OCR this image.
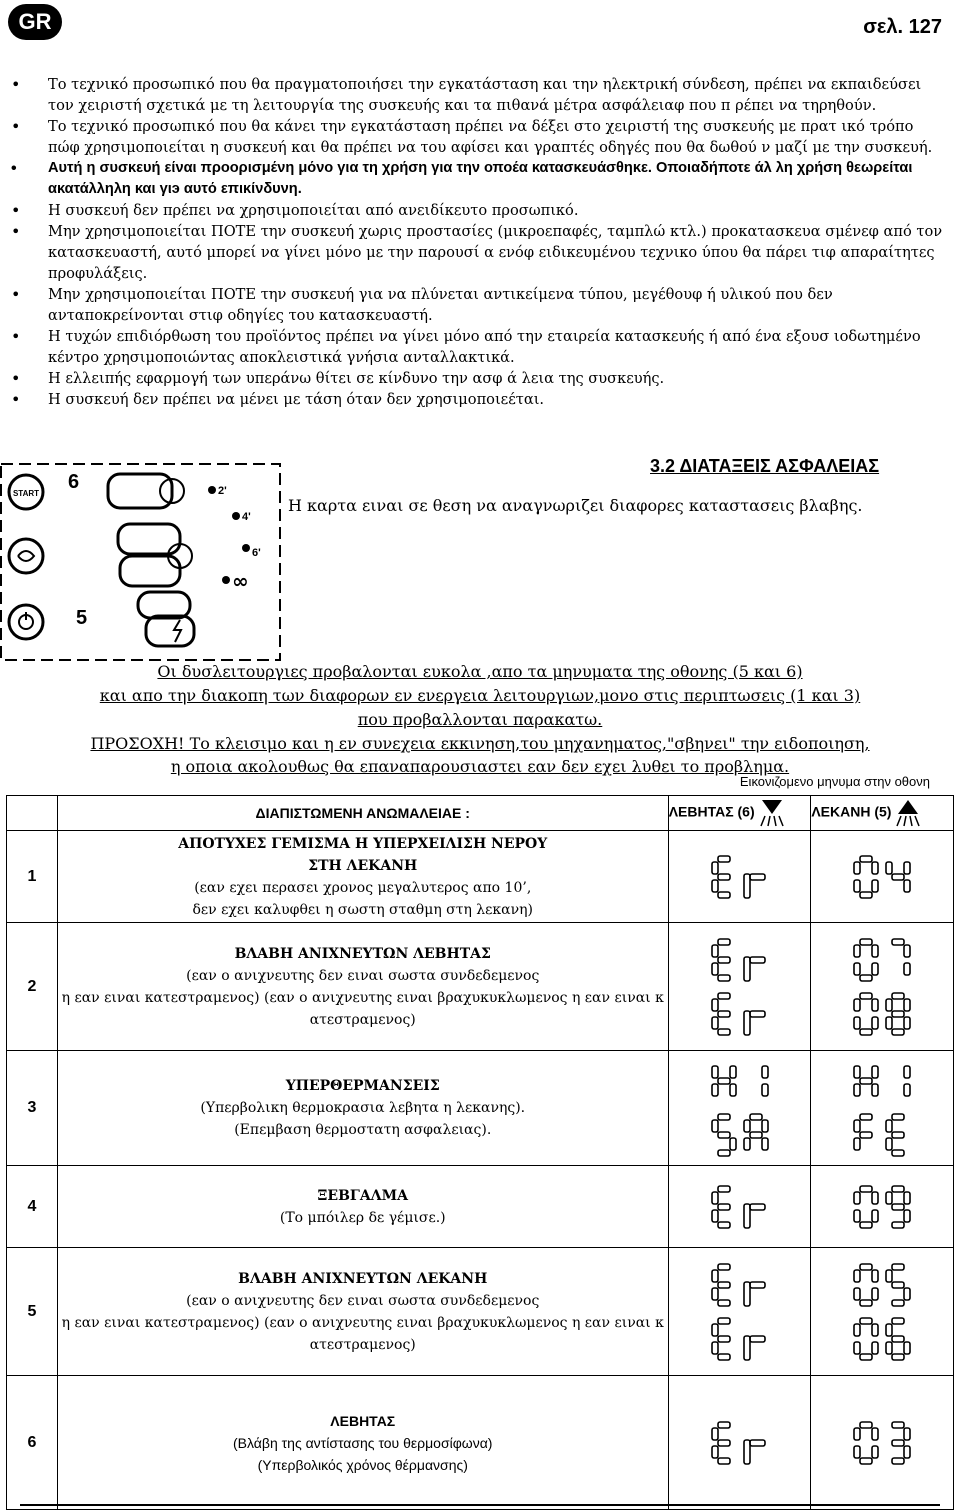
GR	σελ. 127
• Το τεχνικό προσωπικό που θα πραγματοποιήσει την εγκατάσταση και την ηλεκτρική σύνδεση, πρέπει να εκπαιδεύσει τον χειριστή σχετικά με τη λειτουργία της συσκευής και τα πιθανά μέτρα ασφάλειαφ που π ρέπει να τηρηθούν.
• Το τεχνικό προσωπικό που θα κάνει την εγκατάσταση πρέπει να δέξει στο χειριστή της συσκευής με πρατ ικό τρόπο πώφ χρησιμοποιείται η συσκευή και θα πρέπει να του αφίσει και γραπτές οδηγές που θα δωθού ν μαζί με την συσκευή.
• Αυτή η συσκευή είναι προορισμένη μόνο για τη χρήση για την οποέα κατασκευάσθηκε. Οποιαδήποτε άλ λη χρήση θεωρείται ακατάλληλη και γιэ αυτό επικίνδυνη.
• Η συσκευή δεν πρέπει να χρησιμοποιείται από ανειδίκευτο προσωπικό.
• Μην χρησιμοποιείται ΠΟΤΕ την συσκευή χωρις προστασίες (μικροεπαφές, ταμπλώ κτλ.) προκατασκευα σμένεφ από τον κατασκευαστή, αυτό μπορεί να γίνει μόνο με την παρουσί α ενόφ ειδικευμένου τεχνικο ύπου θα πάρει τιφ απαραίτητες προφυλάξεις.
• Μην χρησιμοποιείται ΠΟΤΕ την συσκευή για να πλύνεται αντικείμενα τύπου, μεγέθουφ ή υλικού που δεν ανταποκρείνονται στιφ οδηγίες του κατασκευαστή.
• Η τυχών επιδιόρθωση του προϊόντος πρέπει να γίνει μόνο από την εταιρεία κατασκευής ή από ένα εξουσ ιοδωτημένο κέντρο χρησιμοποιώντας αποκλειστικά γνήσια ανταλλακτικά.
• Η ελλειπής εφαρμογή των υπεράνω θίτει σε κίνδυνο την ασφ ά λεια της συσκευής.
• Η συσκευή δεν πρέπει να μένει με τάση όταν δεν χρησιμοποιεέται.
START
6
5
2'
4'
6'
∞
3.2 ΔΙΑΤΑΞΕΙΣ ΑΣΦΑΛΕΙΑΣ
Η καρτα ειναι σε θεση να αναγνωριζει διαφορες καταστασεις βλαβης.
Οι δυσλειτουργιες προβαλονται ευκολα ,απο τα μηνυματα της οθονης (5 και 6)
και απο την διακοπη των διαφορων εν ενεργεια λειτουργιων,μονο στις περιπτωσεις (1 και 3)
που προβαλλονται παρακατω.
ΠΡΟΣΟΧΗ! Το κλεισιμο και η εν συνεχεια εκκινηση,του μηχανηματος,"σβηνει" την ειδοποιηση,
η οποια ακολουθως θα επαναπαρουσιαστει εαν δεν εχει λυθει το προβλημα.
Εικονιζομενο μηνυμα στην οθονη
	ΔΙΑΠΙΣΤΩΜΕΝΗ ΑΝΩΜΑΛΕΙΑΕ :	ΛΕΒΗΤΑΣ (6)	ΛΕΚΑΝΗ (5)
1	ΑΠΟΤΥΧΕΣ ΓΕΜΙΣΜΑ Η ΥΠΕΡΧΕΙΛΙΣΗ ΝΕΡΟΥ
ΣΤΗ ΛΕΚΑΝΗ
(εαν εχει περασει χρονος μεγαλυτερος απο 10’,
δεν εχει καλυφθει η σωστη σταθμη στη λεκανη)

2	ΒΛΑΒΗ ΑΝΙΧΝΕΥΤΩΝ ΛΕΒΗΤΑΣ
(εαν ο ανιχνευτης δεν ειναι σωστα συνδεδεμενος
η εαν ειναι κατεστραμενος) (εαν ο ανιχνευτης ειναι βραχυκυκλωμενος η εαν ειναι κ
ατεστραμενος)

3	ΥΠΕΡΘΕΡΜΑΝΣΕΙΣ
(Υπερβολικη θερμοκρασια λεβητα η λεκανης).
(Επεμβαση θερμοστατη ασφαλειας).

4	ΞΕΒΓΑΛΜΑ
(Το μπόιλερ δε γέμισε.)

5	ΒΛΑΒΗ ΑΝΙΧΝΕΥΤΩΝ ΛΕΚΑΝΗ
(εαν ο ανιχνευτης δεν ειναι σωστα συνδεδεμενος
η εαν ειναι κατεστραμενος) (εαν ο ανιχνευτης ειναι βραχυκυκλωμενος η εαν ειναι κ
ατεστραμενος)

6	ΛΕΒΗΤΑΣ
(Βλάβη της αντίστασης του θερμοσίφωνα)
(Υπερβολικός χρόνος θέρμανσης)
